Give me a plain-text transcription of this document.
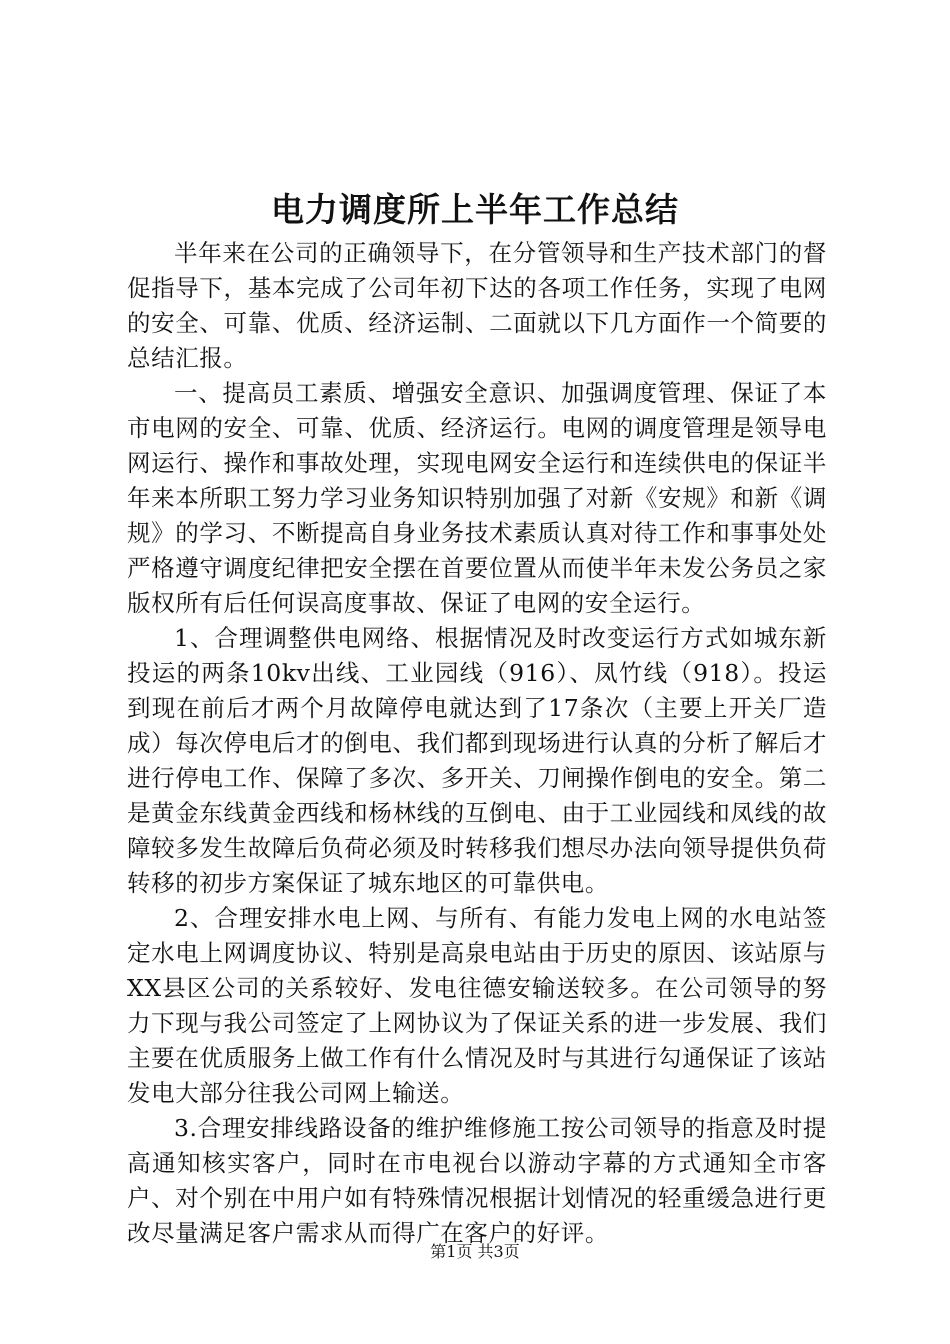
电力调度所上半年工作总结

半年来在公司的正确领导下，在分管领导和生产技术部门的督促指导下，基本完成了公司年初下达的各项工作任务，实现了电网的安全、可靠、优质、经济运制、二面就以下几方面作一个简要的总结汇报。

一、提高员工素质、增强安全意识、加强调度管理、保证了本市电网的安全、可靠、优质、经济运行。电网的调度管理是领导电网运行、操作和事故处理，实现电网安全运行和连续供电的保证半年来本所职工努力学习业务知识特别加强了对新《安规》和新《调规》的学习、不断提高自身业务技术素质认真对待工作和事事处处严格遵守调度纪律把安全摆在首要位置从而使半年未发公务员之家版权所有后任何误高度事故、保证了电网的安全运行。

1、合理调整供电网络、根据情况及时改变运行方式如城东新投运的两条10kv出线、工业园线（916）、凤竹线（918）。投运到现在前后才两个月故障停电就达到了17条次（主要上开关厂造成）每次停电后才的倒电、我们都到现场进行认真的分析了解后才进行停电工作、保障了多次、多开关、刀闸操作倒电的安全。第二是黄金东线黄金西线和杨林线的互倒电、由于工业园线和凤线的故障较多发生故障后负荷必须及时转移我们想尽办法向领导提供负荷转移的初步方案保证了城东地区的可靠供电。

2、合理安排水电上网、与所有、有能力发电上网的水电站签定水电上网调度协议、特别是高泉电站由于历史的原因、该站原与XX县区公司的关系较好、发电往德安输送较多。在公司领导的努力下现与我公司签定了上网协议为了保证关系的进一步发展、我们主要在优质服务上做工作有什么情况及时与其进行勾通保证了该站发电大部分往我公司网上输送。

3.合理安排线路设备的维护维修施工按公司领导的指意及时提高通知核实客户，同时在市电视台以游动字幕的方式通知全市客户、对个别在中用户如有特殊情况根据计划情况的轻重缓急进行更改尽量满足客户需求从而得广在客户的好评。

第1页 共3页
